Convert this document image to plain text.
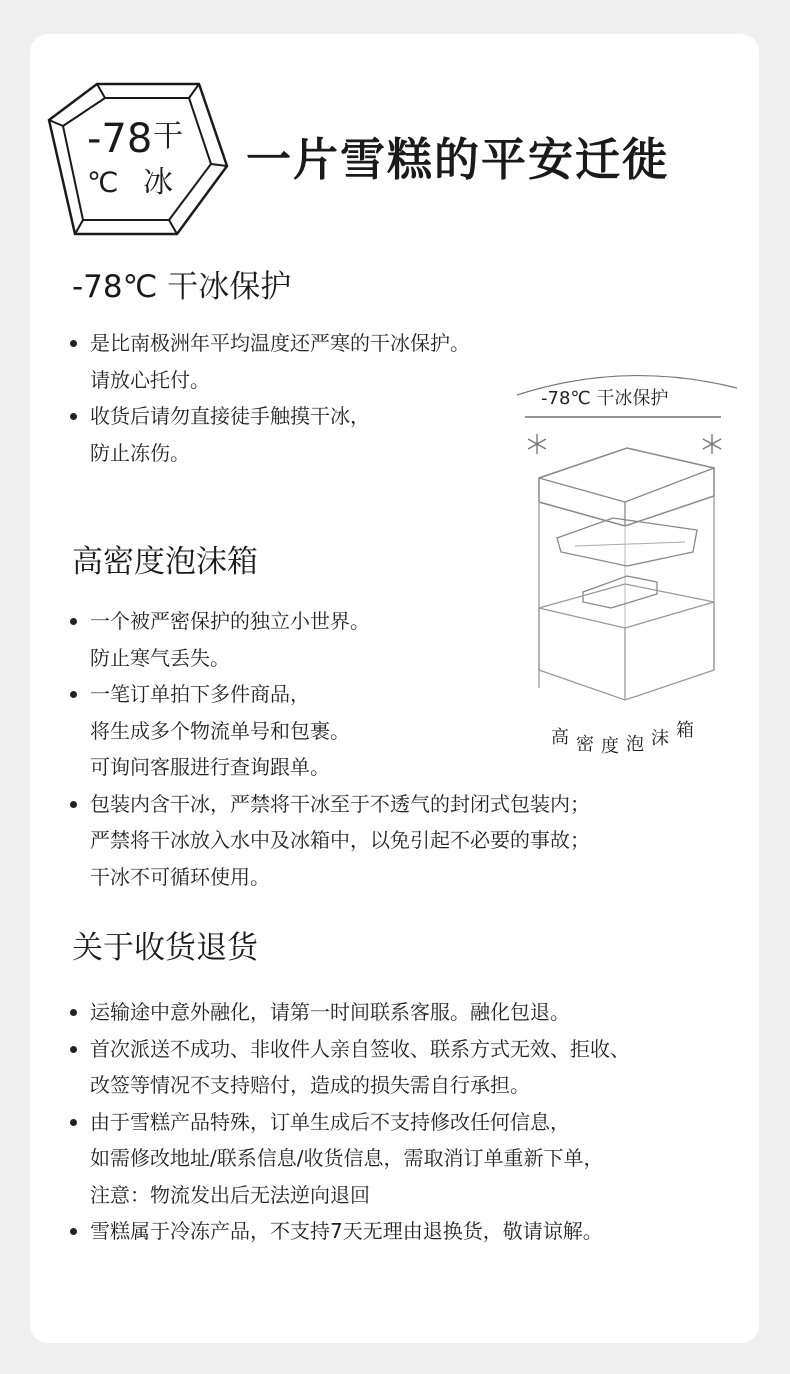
-78 干
℃ 冰 一片雪糕的平安迁徙
-78℃ 干冰保护
是比南极洲年平均温度还严寒的干冰保护。
请放心托付。
收货后请勿直接徒手触摸干冰，
防止冻伤。
高密度泡沫箱
一个被严密保护的独立小世界。
防止寒气丢失。
一笔订单拍下多件商品，
将生成多个物流单号和包裹。
可询问客服进行查询跟单。
包装内含干冰，严禁将干冰至于不透气的封闭式包装内；
严禁将干冰放入水中及冰箱中，以免引起不必要的事故；
干冰不可循环使用。
关于收货退货
运输途中意外融化，请第一时间联系客服。融化包退。
首次派送不成功、非收件人亲自签收、联系方式无效、拒收、
改签等情况不支持赔付，造成的损失需自行承担。
由于雪糕产品特殊，订单生成后不支持修改任何信息，
如需修改地址/联系信息/收货信息，需取消订单重新下单，
注意：物流发出后无法逆向退回
雪糕属于冷冻产品，不支持7天无理由退换货，敬请谅解。
-78℃ 干冰保护
高 密 度 泡 沫 箱
